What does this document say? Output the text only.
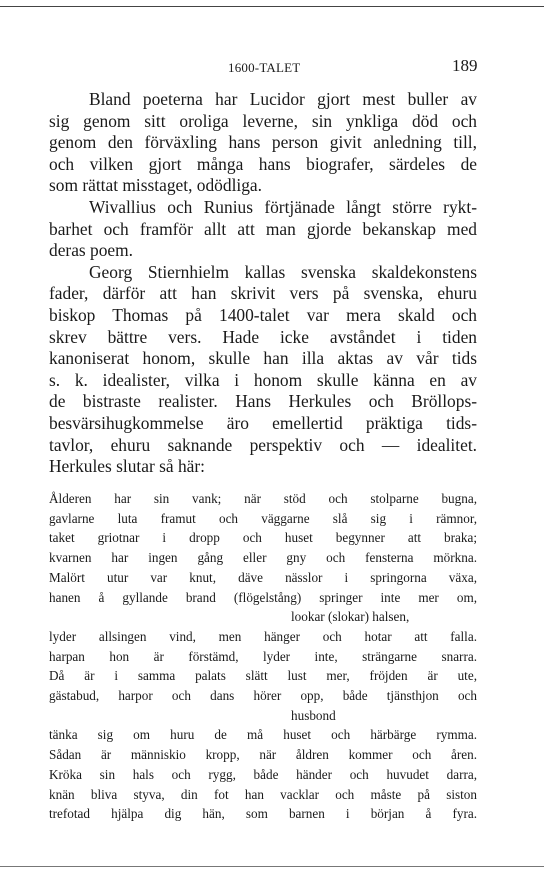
1600-TALET	189

Bland poeterna har Lucidor gjort mest buller av
sig genom sitt oroliga leverne, sin ynkliga död och
genom den förväxling hans person givit anledning till,
och vilken gjort många hans biografer, särdeles de
som rättat misstaget, odödliga.

Wivallius och Runius förtjänade långt större rykt-
barhet och framför allt att man gjorde bekanskap med
deras poem.

Georg Stiernhielm kallas svenska skaldekonstens
fader, därför att han skrivit vers på svenska, ehuru
biskop Thomas på 1400-talet var mera skald och
skrev bättre vers. Hade icke avståndet i tiden
kanoniserat honom, skulle han illa aktas av vår tids
s. k. idealister, vilka i honom skulle känna en av
de bistraste realister. Hans Herkules och Bröllops-
besvärsihugkommelse äro emellertid präktiga tids-
tavlor, ehuru saknande perspektiv och — idealitet.
Herkules slutar så här:

Ålderen har sin vank; när stöd och stolparne bugna,
gavlarne luta framut och väggarne slå sig i rämnor,
taket griotnar i dropp och huset begynner att braka;
kvarnen har ingen gång eller gny och fensterna mörkna.
Malört utur var knut, däve nässlor i springorna växa,
hanen å gyllande brand (flögelstång) springer inte mer om,
lookar (slokar) halsen,
lyder allsingen vind, men hänger och hotar att falla.
harpan hon är förstämd, lyder inte, strängarne snarra.
Då är i samma palats slätt lust mer, fröjden är ute,
gästabud, harpor och dans hörer opp, både tjänsthjon och
husbond
tänka sig om huru de må huset och härbärge rymma.
Sådan är människio kropp, när åldren kommer och åren.
Kröka sin hals och rygg, både händer och huvudet darra,
knän bliva styva, din fot han vacklar och måste på siston
trefotad hjälpa dig hän, som barnen i början å fyra.
